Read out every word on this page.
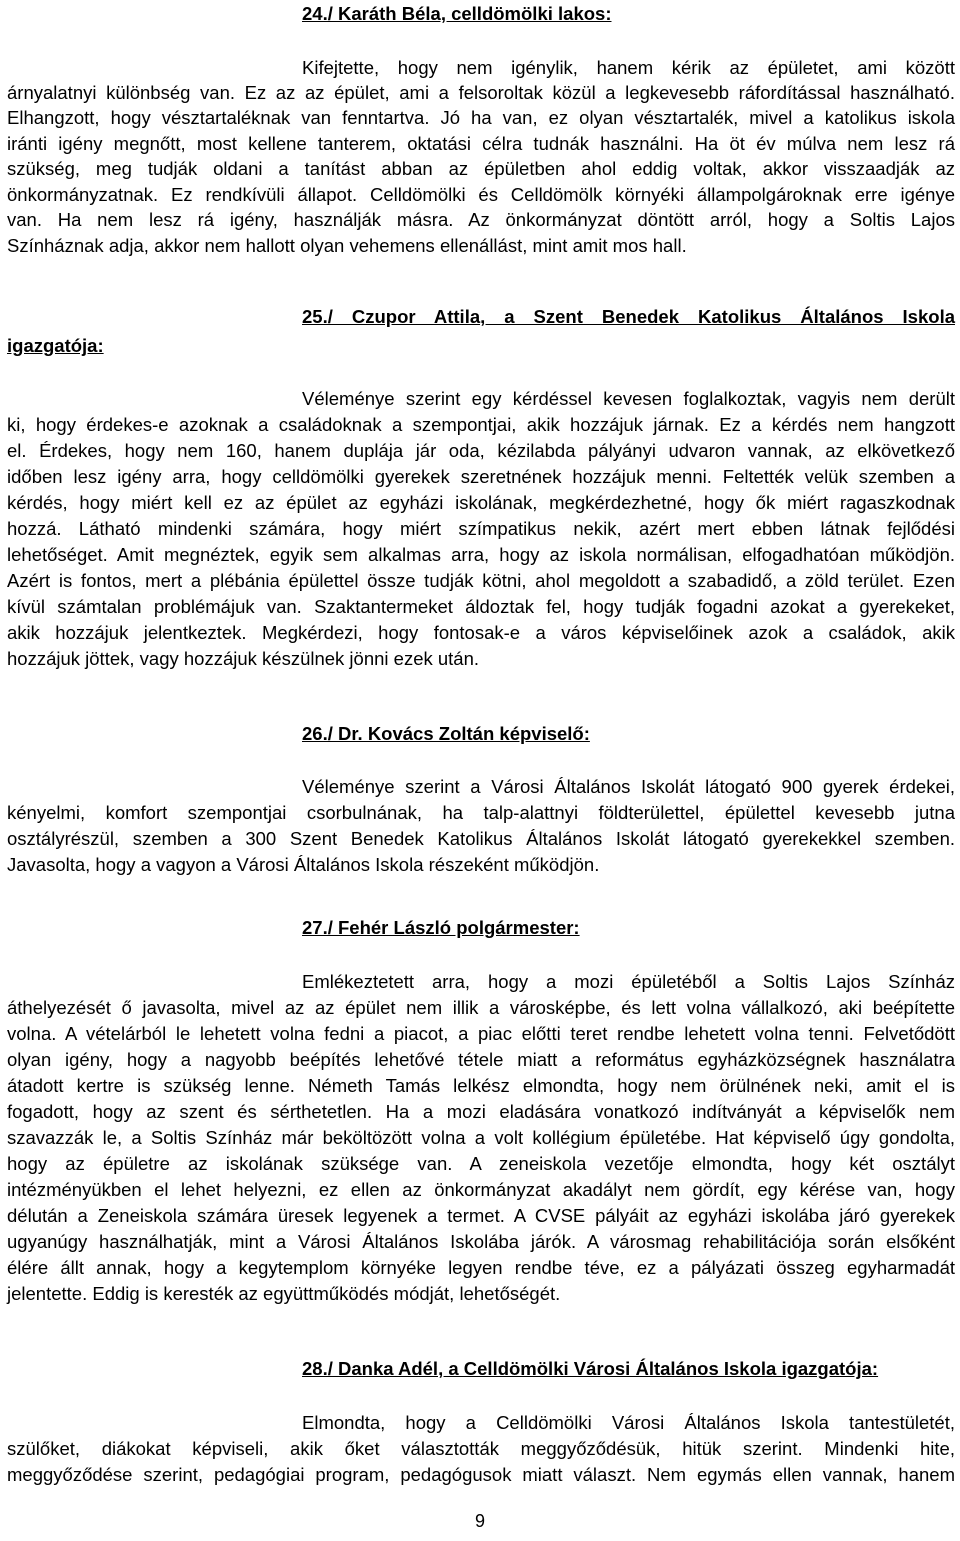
24./ Karáth Béla, celldömölki lakos:

Kifejtette, hogy nem igénylik, hanem kérik az épületet, ami között

árnyalatnyi különbség van. Ez az az épület, ami a felsoroltak közül a legkevesebb ráfordítással használható.

Elhangzott, hogy vésztartaléknak van fenntartva. Jó ha van, ez olyan vésztartalék, mivel a katolikus iskola

iránti igény megnőtt, most kellene tanterem, oktatási célra tudnák használni. Ha öt év múlva nem lesz rá

szükség, meg tudják oldani a tanítást abban az épületben ahol eddig voltak, akkor visszaadják az

önkormányzatnak. Ez rendkívüli állapot. Celldömölki és Celldömölk környéki állampolgároknak erre igénye

van. Ha nem lesz rá igény, használják másra. Az önkormányzat döntött arról, hogy a Soltis Lajos

Színháznak adja, akkor nem hallott olyan vehemens ellenállást, mint amit mos hall.

25./ Czupor Attila, a Szent Benedek Katolikus Általános Iskola

igazgatója:

Véleménye szerint egy kérdéssel kevesen foglalkoztak, vagyis nem derült

ki, hogy érdekes-e azoknak a családoknak a szempontjai, akik hozzájuk járnak. Ez a kérdés nem hangzott

el. Érdekes, hogy nem 160, hanem duplája jár oda, kézilabda pályányi udvaron vannak, az elkövetkező

időben lesz igény arra, hogy celldömölki gyerekek szeretnének hozzájuk menni. Feltették velük szemben a

kérdés, hogy miért kell ez az épület az egyházi iskolának, megkérdezhetné, hogy ők miért ragaszkodnak

hozzá. Látható mindenki számára, hogy miért szímpatikus nekik, azért mert ebben látnak fejlődési

lehetőséget. Amit megnéztek, egyik sem alkalmas arra, hogy az iskola normálisan, elfogadhatóan működjön.

Azért is fontos, mert a plébánia épülettel össze tudják kötni, ahol megoldott a szabadidő, a zöld terület. Ezen

kívül számtalan problémájuk van. Szaktantermeket áldoztak fel, hogy tudják fogadni azokat a gyerekeket,

akik hozzájuk jelentkeztek. Megkérdezi, hogy fontosak-e a város képviselőinek azok a családok, akik

hozzájuk jöttek, vagy hozzájuk készülnek jönni ezek után.

26./ Dr. Kovács Zoltán képviselő:

Véleménye szerint a Városi Általános Iskolát látogató 900 gyerek érdekei,

kényelmi, komfort szempontjai csorbulnának, ha talp-alattnyi földterülettel, épülettel kevesebb jutna

osztályrészül, szemben a 300 Szent Benedek Katolikus Általános Iskolát látogató gyerekekkel szemben.

Javasolta, hogy a vagyon a Városi Általános Iskola részeként működjön.

27./ Fehér László polgármester:

Emlékeztetett arra, hogy a mozi épületéből a Soltis Lajos Színház

áthelyezését ő javasolta, mivel az az épület nem illik a városképbe, és lett volna vállalkozó, aki beépítette

volna. A vételárból le lehetett volna fedni a piacot, a piac előtti teret rendbe lehetett volna tenni. Felvetődött

olyan igény, hogy a nagyobb beépítés lehetővé tétele miatt a református egyházközségnek használatra

átadott kertre is szükség lenne. Németh Tamás lelkész elmondta, hogy nem örülnének neki, amit el is

fogadott, hogy az szent és sérthetetlen. Ha a mozi eladására vonatkozó indítványát a képviselők nem

szavazzák le, a Soltis Színház már beköltözött volna a volt kollégium épületébe. Hat képviselő úgy gondolta,

hogy az épületre az iskolának szüksége van. A zeneiskola vezetője elmondta, hogy két osztályt

intézményükben el lehet helyezni, ez ellen az önkormányzat akadályt nem gördít, egy kérése van, hogy

délután a Zeneiskola számára üresek legyenek a termet. A CVSE pályáit az egyházi iskolába járó gyerekek

ugyanúgy használhatják, mint a Városi Általános Iskolába járók. A városmag rehabilitációja során elsőként

élére állt annak, hogy a kegytemplom környéke legyen rendbe téve, ez a pályázati összeg egyharmadát

jelentette. Eddig is keresték az együttműködés módját, lehetőségét.

28./ Danka Adél, a Celldömölki Városi Általános Iskola igazgatója:

Elmondta, hogy a Celldömölki Városi Általános Iskola tantestületét,

szülőket, diákokat képviseli, akik őket választották meggyőződésük, hitük szerint. Mindenki hite,

meggyőződése szerint, pedagógiai program, pedagógusok miatt választ. Nem egymás ellen vannak, hanem

9
